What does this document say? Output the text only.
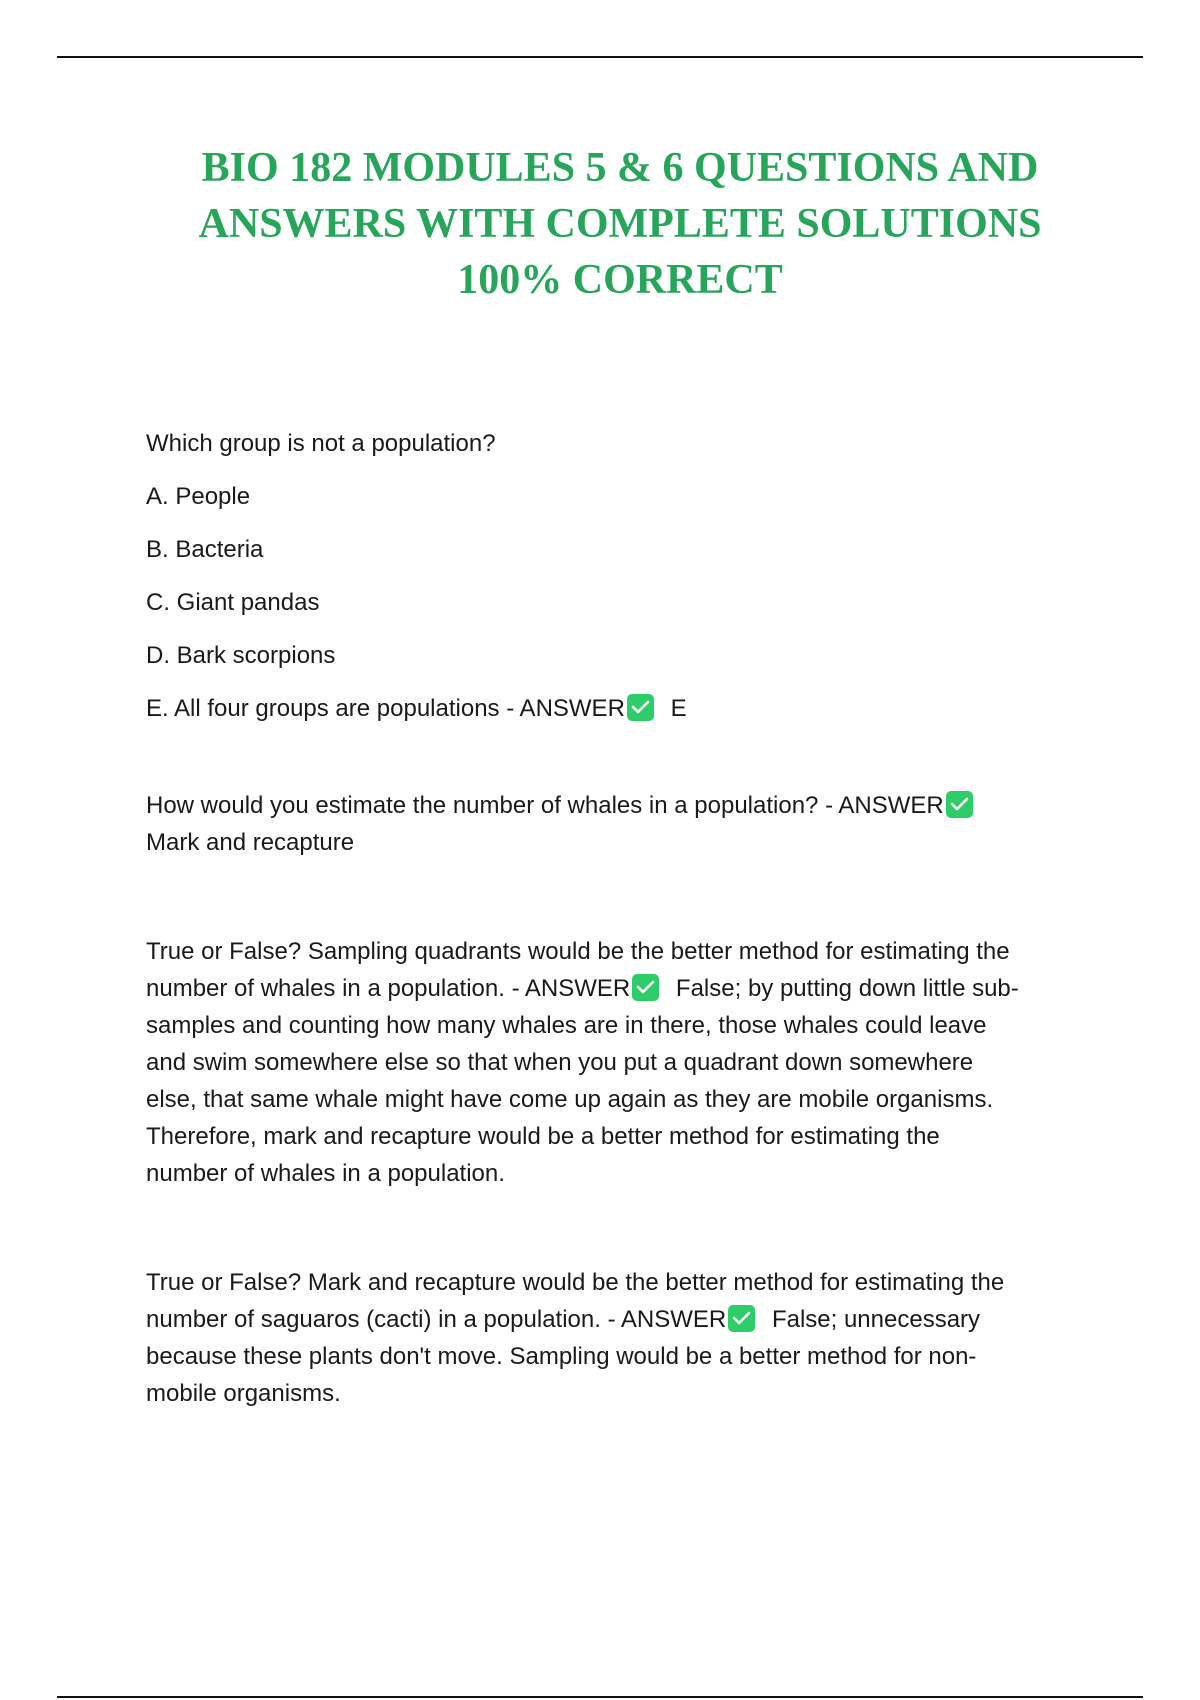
BIO 182 MODULES 5 & 6 QUESTIONS AND
ANSWERS WITH COMPLETE SOLUTIONS
100% CORRECT
Which group is not a population?
A. People
B. Bacteria
C. Giant pandas
D. Bark scorpions
E. All four groups are populations - ANSWER E
How would you estimate the number of whales in a population? - ANSWER
Mark and recapture
True or False? Sampling quadrants would be the better method for estimating the
number of whales in a population. - ANSWER False; by putting down little sub-
samples and counting how many whales are in there, those whales could leave
and swim somewhere else so that when you put a quadrant down somewhere
else, that same whale might have come up again as they are mobile organisms.
Therefore, mark and recapture would be a better method for estimating the
number of whales in a population.
True or False? Mark and recapture would be the better method for estimating the
number of saguaros (cacti) in a population. - ANSWER False; unnecessary
because these plants don't move. Sampling would be a better method for non-
mobile organisms.
